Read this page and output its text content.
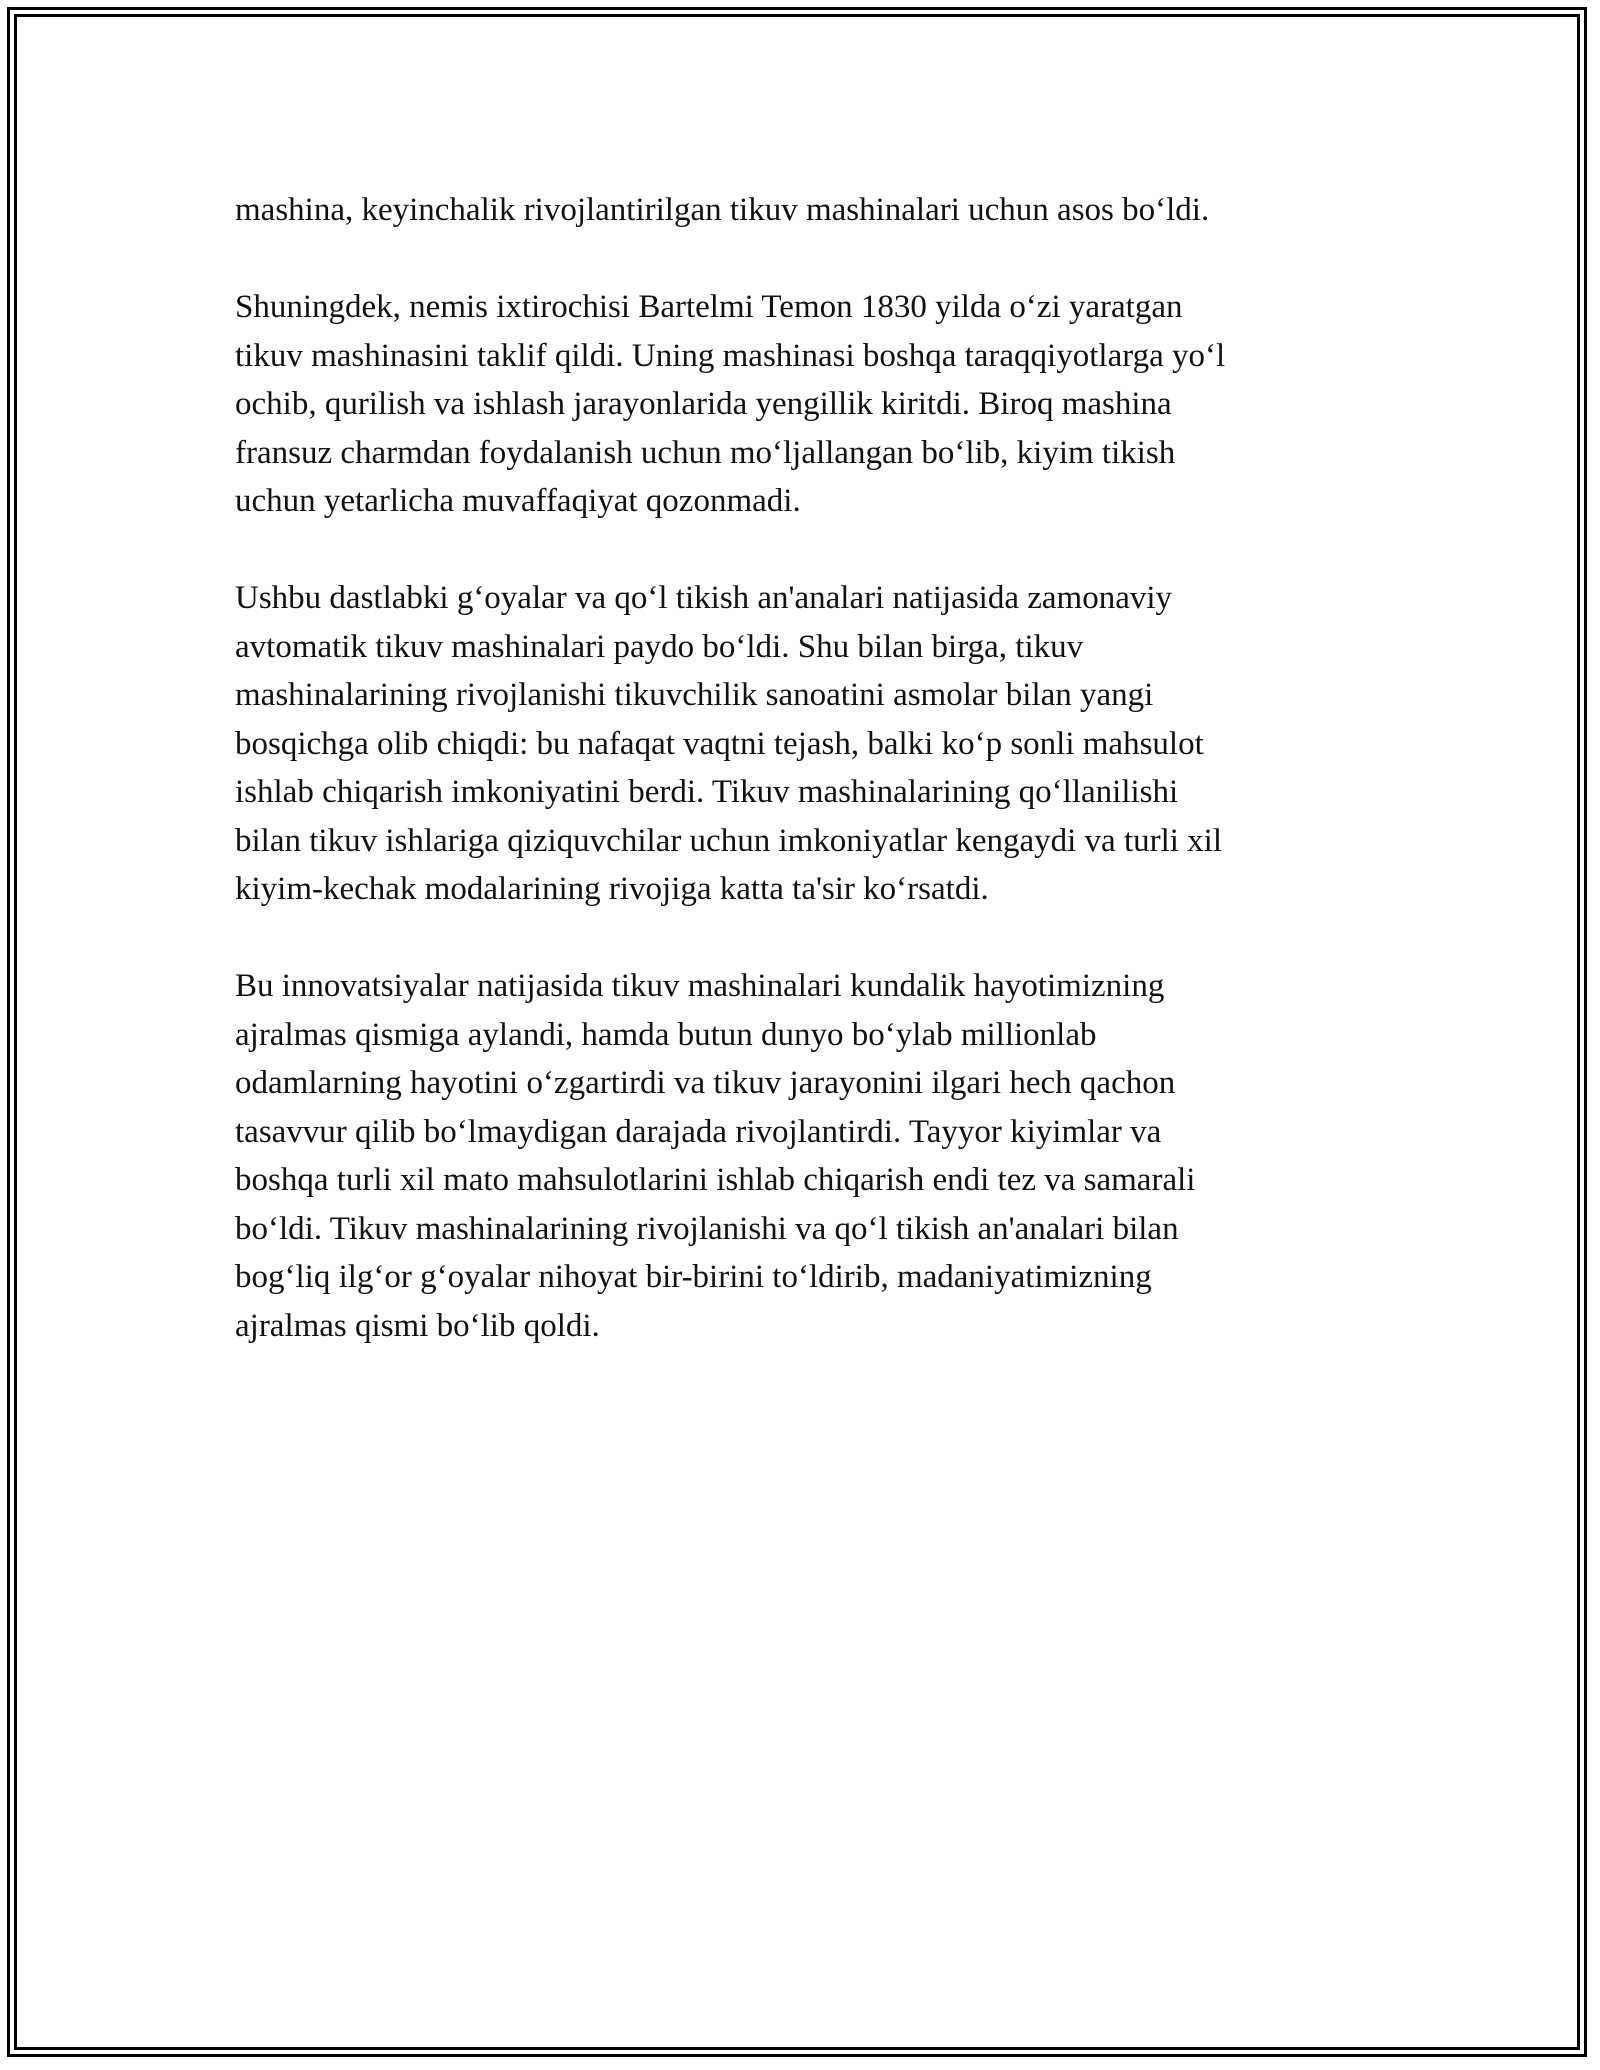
mashina, keyinchalik rivojlantirilgan tikuv mashinalari uchun asos bo‘ldi.

Shuningdek, nemis ixtirochisi Bartelmi Temon 1830 yilda o‘zi yaratgan
tikuv mashinasini taklif qildi. Uning mashinasi boshqa taraqqiyotlarga yo‘l
ochib, qurilish va ishlash jarayonlarida yengillik kiritdi. Biroq mashina
fransuz charmdan foydalanish uchun mo‘ljallangan bo‘lib, kiyim tikish
uchun yetarlicha muvaffaqiyat qozonmadi.

Ushbu dastlabki g‘oyalar va qo‘l tikish an'analari natijasida zamonaviy
avtomatik tikuv mashinalari paydo bo‘ldi. Shu bilan birga, tikuv
mashinalarining rivojlanishi tikuvchilik sanoatini asmolar bilan yangi
bosqichga olib chiqdi: bu nafaqat vaqtni tejash, balki ko‘p sonli mahsulot
ishlab chiqarish imkoniyatini berdi. Tikuv mashinalarining qo‘llanilishi
bilan tikuv ishlariga qiziquvchilar uchun imkoniyatlar kengaydi va turli xil
kiyim-kechak modalarining rivojiga katta ta'sir ko‘rsatdi.

Bu innovatsiyalar natijasida tikuv mashinalari kundalik hayotimizning
ajralmas qismiga aylandi, hamda butun dunyo bo‘ylab millionlab
odamlarning hayotini o‘zgartirdi va tikuv jarayonini ilgari hech qachon
tasavvur qilib bo‘lmaydigan darajada rivojlantirdi. Tayyor kiyimlar va
boshqa turli xil mato mahsulotlarini ishlab chiqarish endi tez va samarali
bo‘ldi. Tikuv mashinalarining rivojlanishi va qo‘l tikish an'analari bilan
bog‘liq ilg‘or g‘oyalar nihoyat bir-birini to‘ldirib, madaniyatimizning
ajralmas qismi bo‘lib qoldi.
